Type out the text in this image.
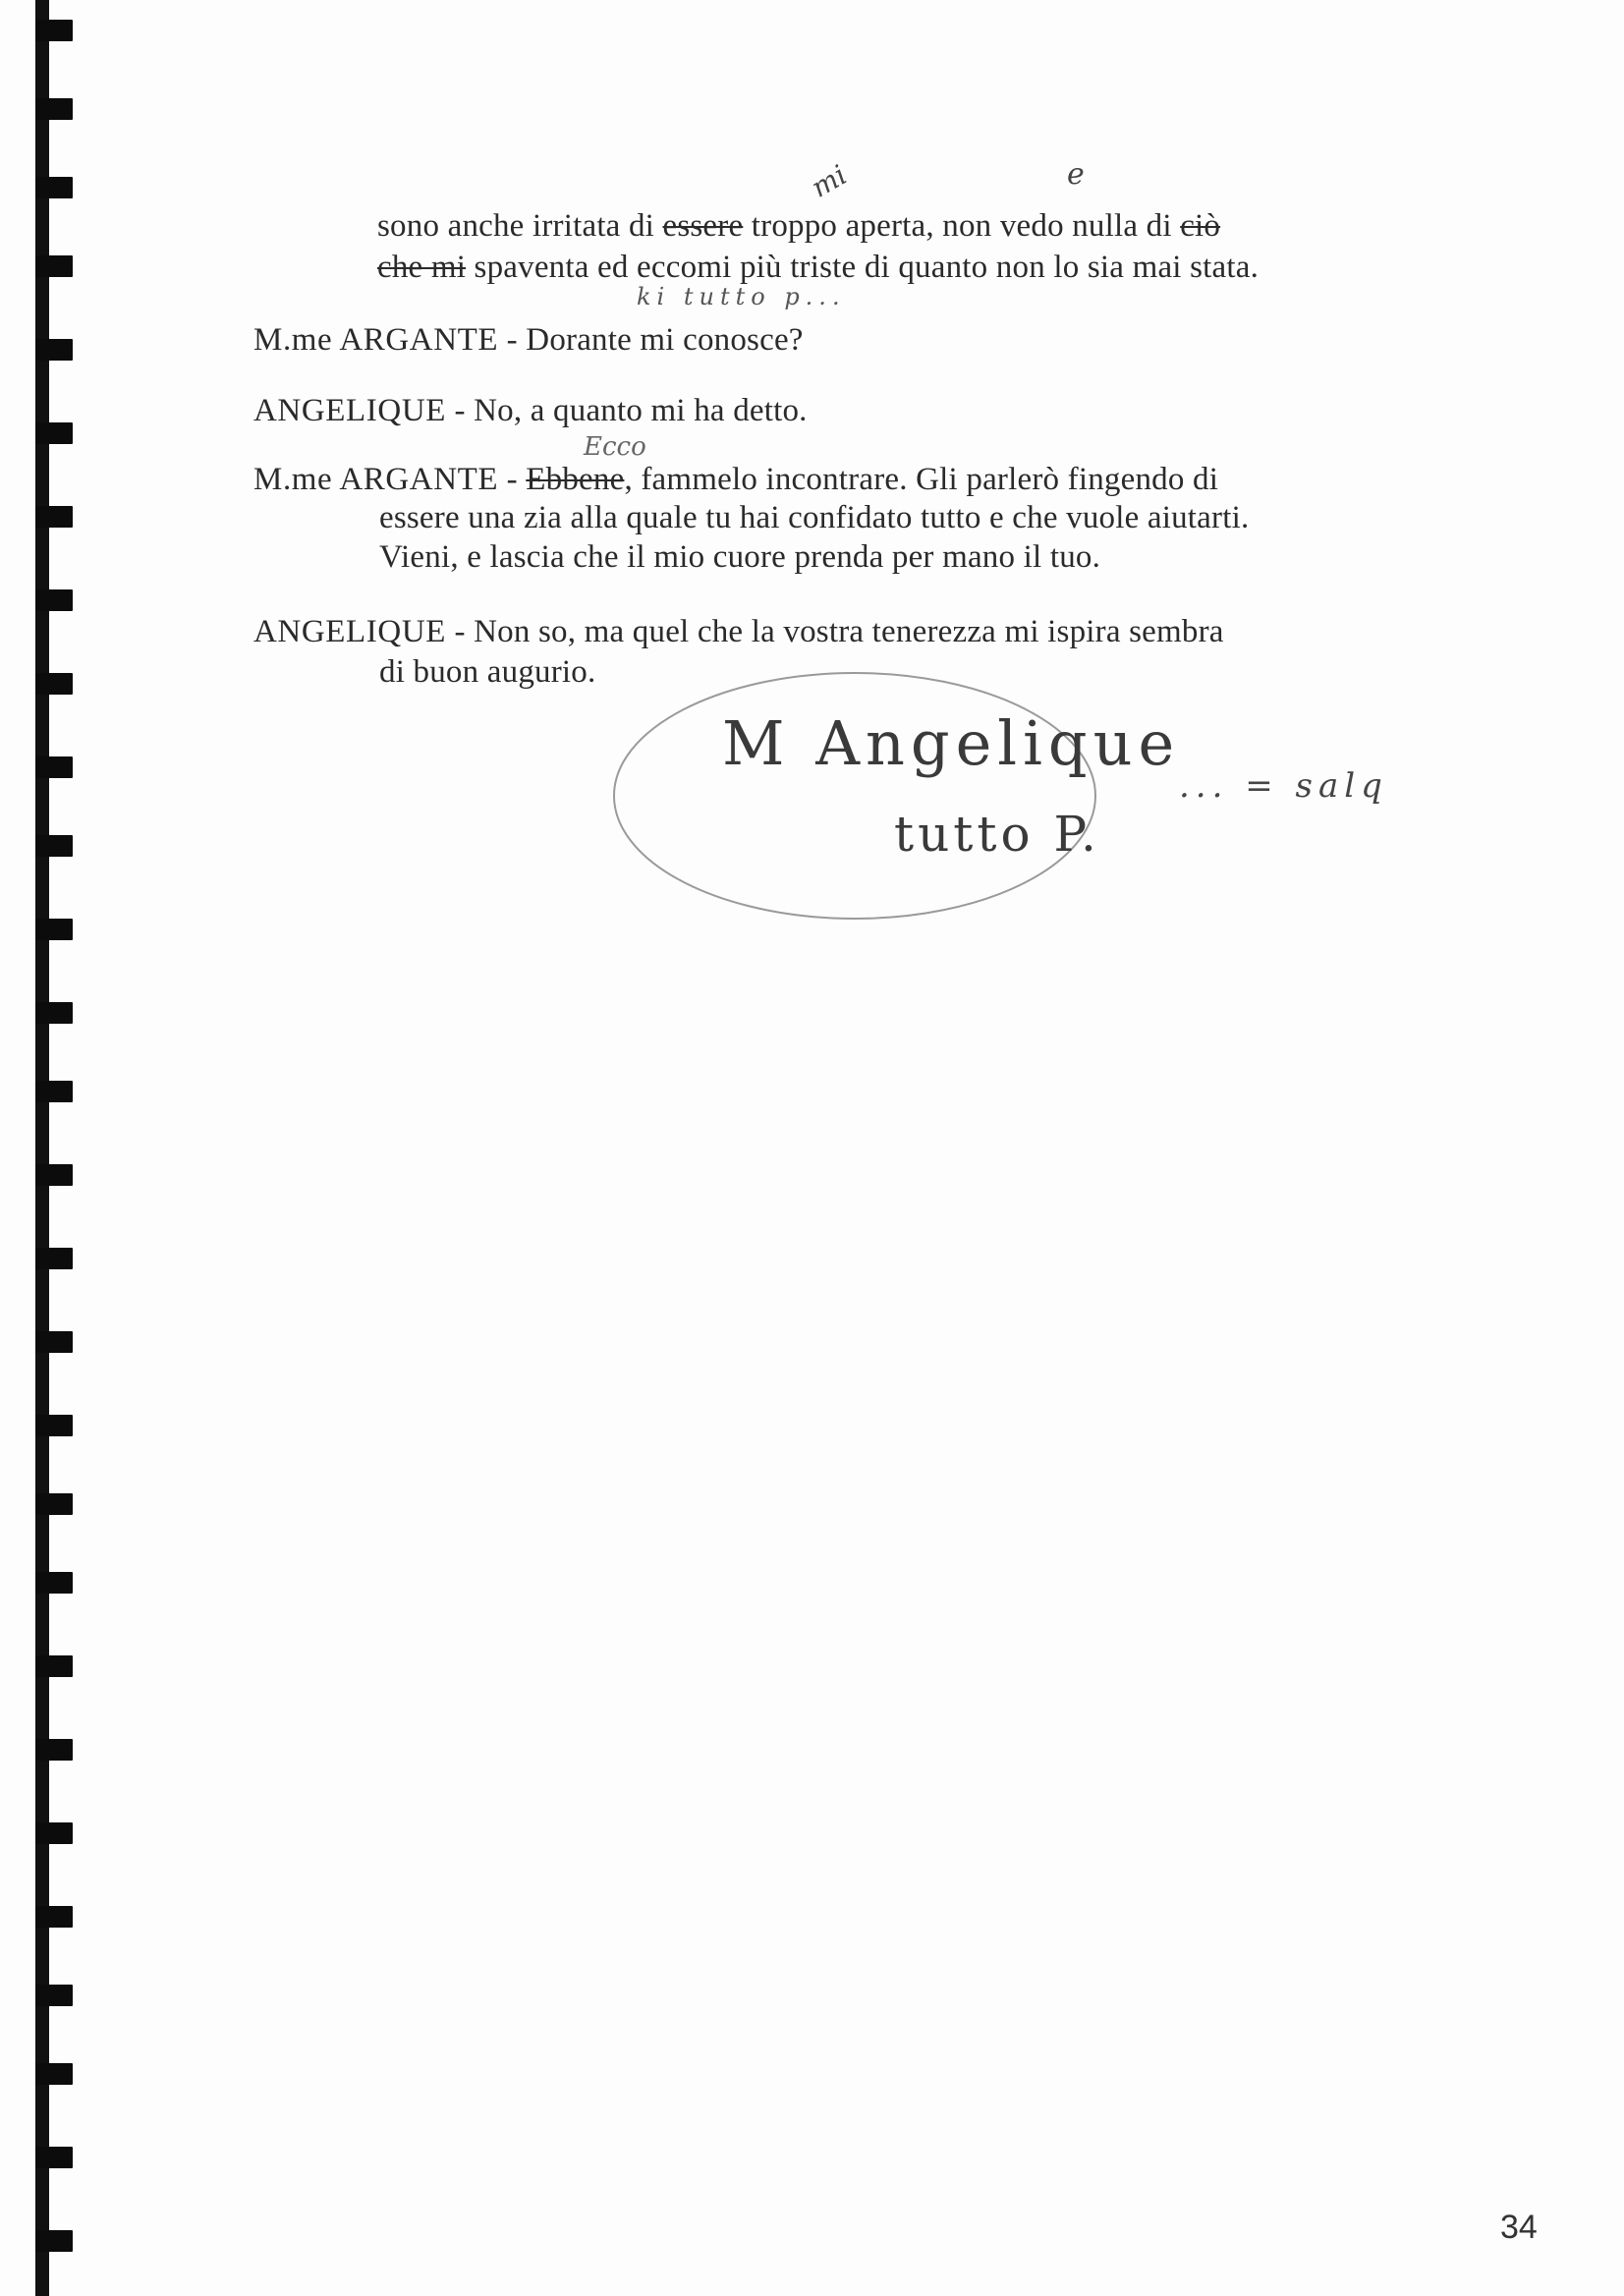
sono anche irritata di essere troppo aperta, non vedo nulla di ciò
che mi spaventa ed eccomi più triste di quanto non lo sia mai stata.
M.me ARGANTE - Dorante mi conosce?
ANGELIQUE - No, a quanto mi ha detto.
M.me ARGANTE - Ebbene, fammelo incontrare. Gli parlerò fingendo di
essere una zia alla quale tu hai confidato tutto e che vuole aiutarti.
Vieni, e lascia che il mio cuore prenda per mano il tuo.
ANGELIQUE - Non so, ma quel che la vostra tenerezza mi ispira sembra
di buon augurio.
mi	e
ki tutto p...
Ecco
M Angelique
tutto P.
... = salq
34
